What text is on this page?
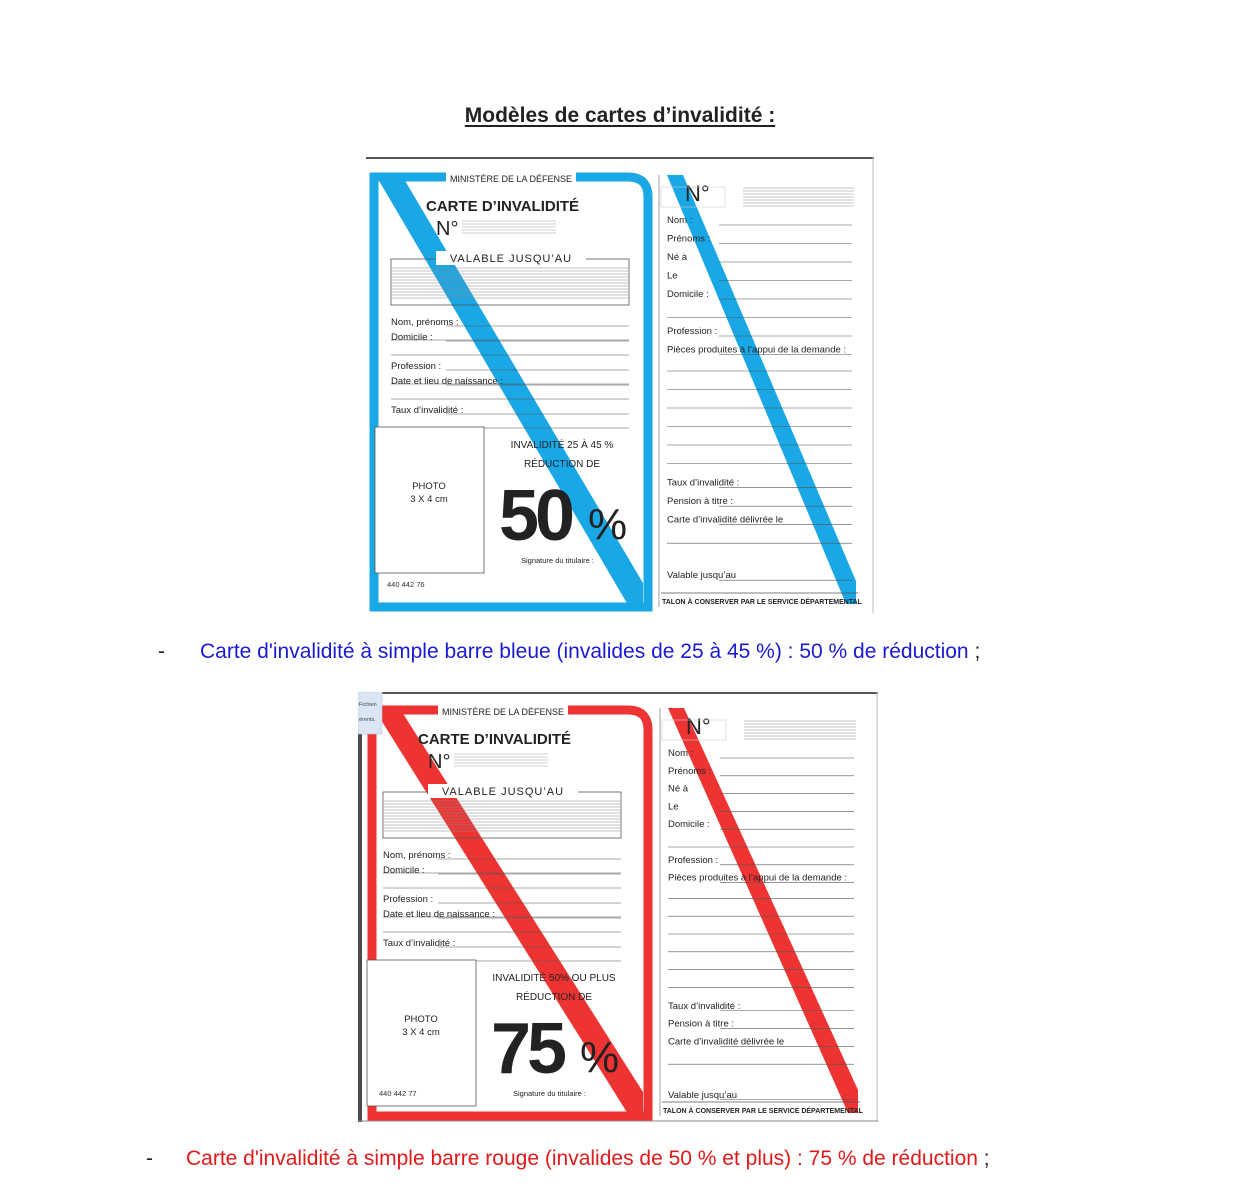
Modèles de cartes d’invalidité :
MINISTÈRE DE LA DÉFENSE
CARTE D’INVALIDITÉ
N°
VALABLE JUSQU’AU
Nom, prénoms :
Domicile :
Profession :
Date et lieu de naissance :
Taux d’invalidité :
PHOTO
3 X 4 cm
INVALIDITÉ 25 À 45 %
RÉDUCTION DE
50 %
Signature du titulaire :
440 442 76
N°
Nom :
Prénoms :
Né à
Le
Domicile :
Profession :
Pièces produites à l’appui de la demande :
Taux d’invalidité :
Pension à titre :
Carte d’invalidité délivrée le
Valable jusqu’au
TALON À CONSERVER PAR LE SERVICE DÉPARTEMENTAL
- Carte d'invalidité à simple barre bleue (invalides de 25 à 45 %) : 50 % de réduction ;
MINISTÈRE DE LA DÉFENSE
CARTE D’INVALIDITÉ
N°
VALABLE JUSQU’AU
Nom, prénoms :
Domicile :
Profession :
Date et lieu de naissance :
Taux d’invalidité :
PHOTO
3 X 4 cm
INVALIDITÉ 50% OU PLUS
RÉDUCTION DE
75 %
Signature du titulaire :
440 442 77
N°
Nom :
Prénoms :
Né à
Le
Domicile :
Profession :
Pièces produites à l’appui de la demande :
Taux d’invalidité :
Pension à titre :
Carte d’invalidité délivrée le
Valable jusqu’au
TALON À CONSERVER PAR LE SERVICE DÉPARTEMENTAL
Fichien
érents.
- Carte d'invalidité à simple barre rouge (invalides de 50 % et plus) : 75 % de réduction ;
